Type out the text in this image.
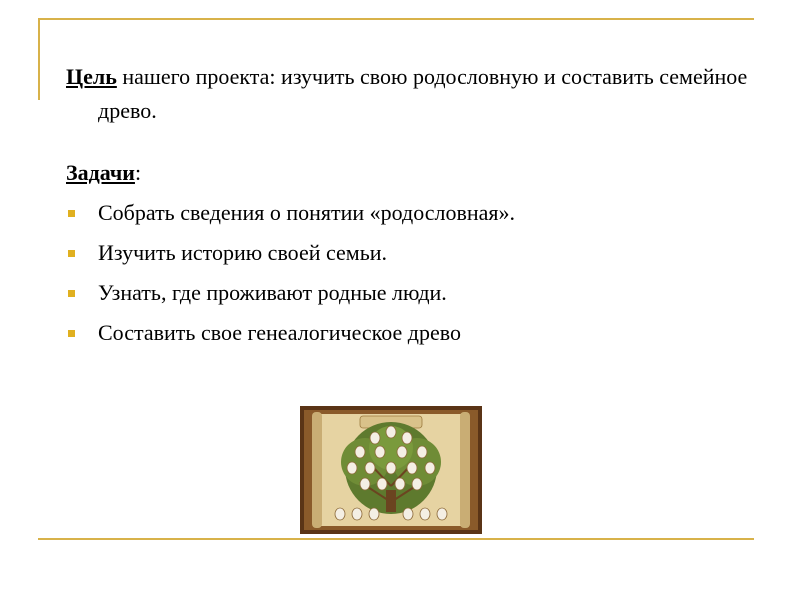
Цель нашего проекта: изучить свою родословную и составить семейное древо.

Задачи:

Собрать сведения о понятии «родословная».
Изучить историю своей семьи.
Узнать, где проживают родные люди.
Составить свое генеалогическое древо
